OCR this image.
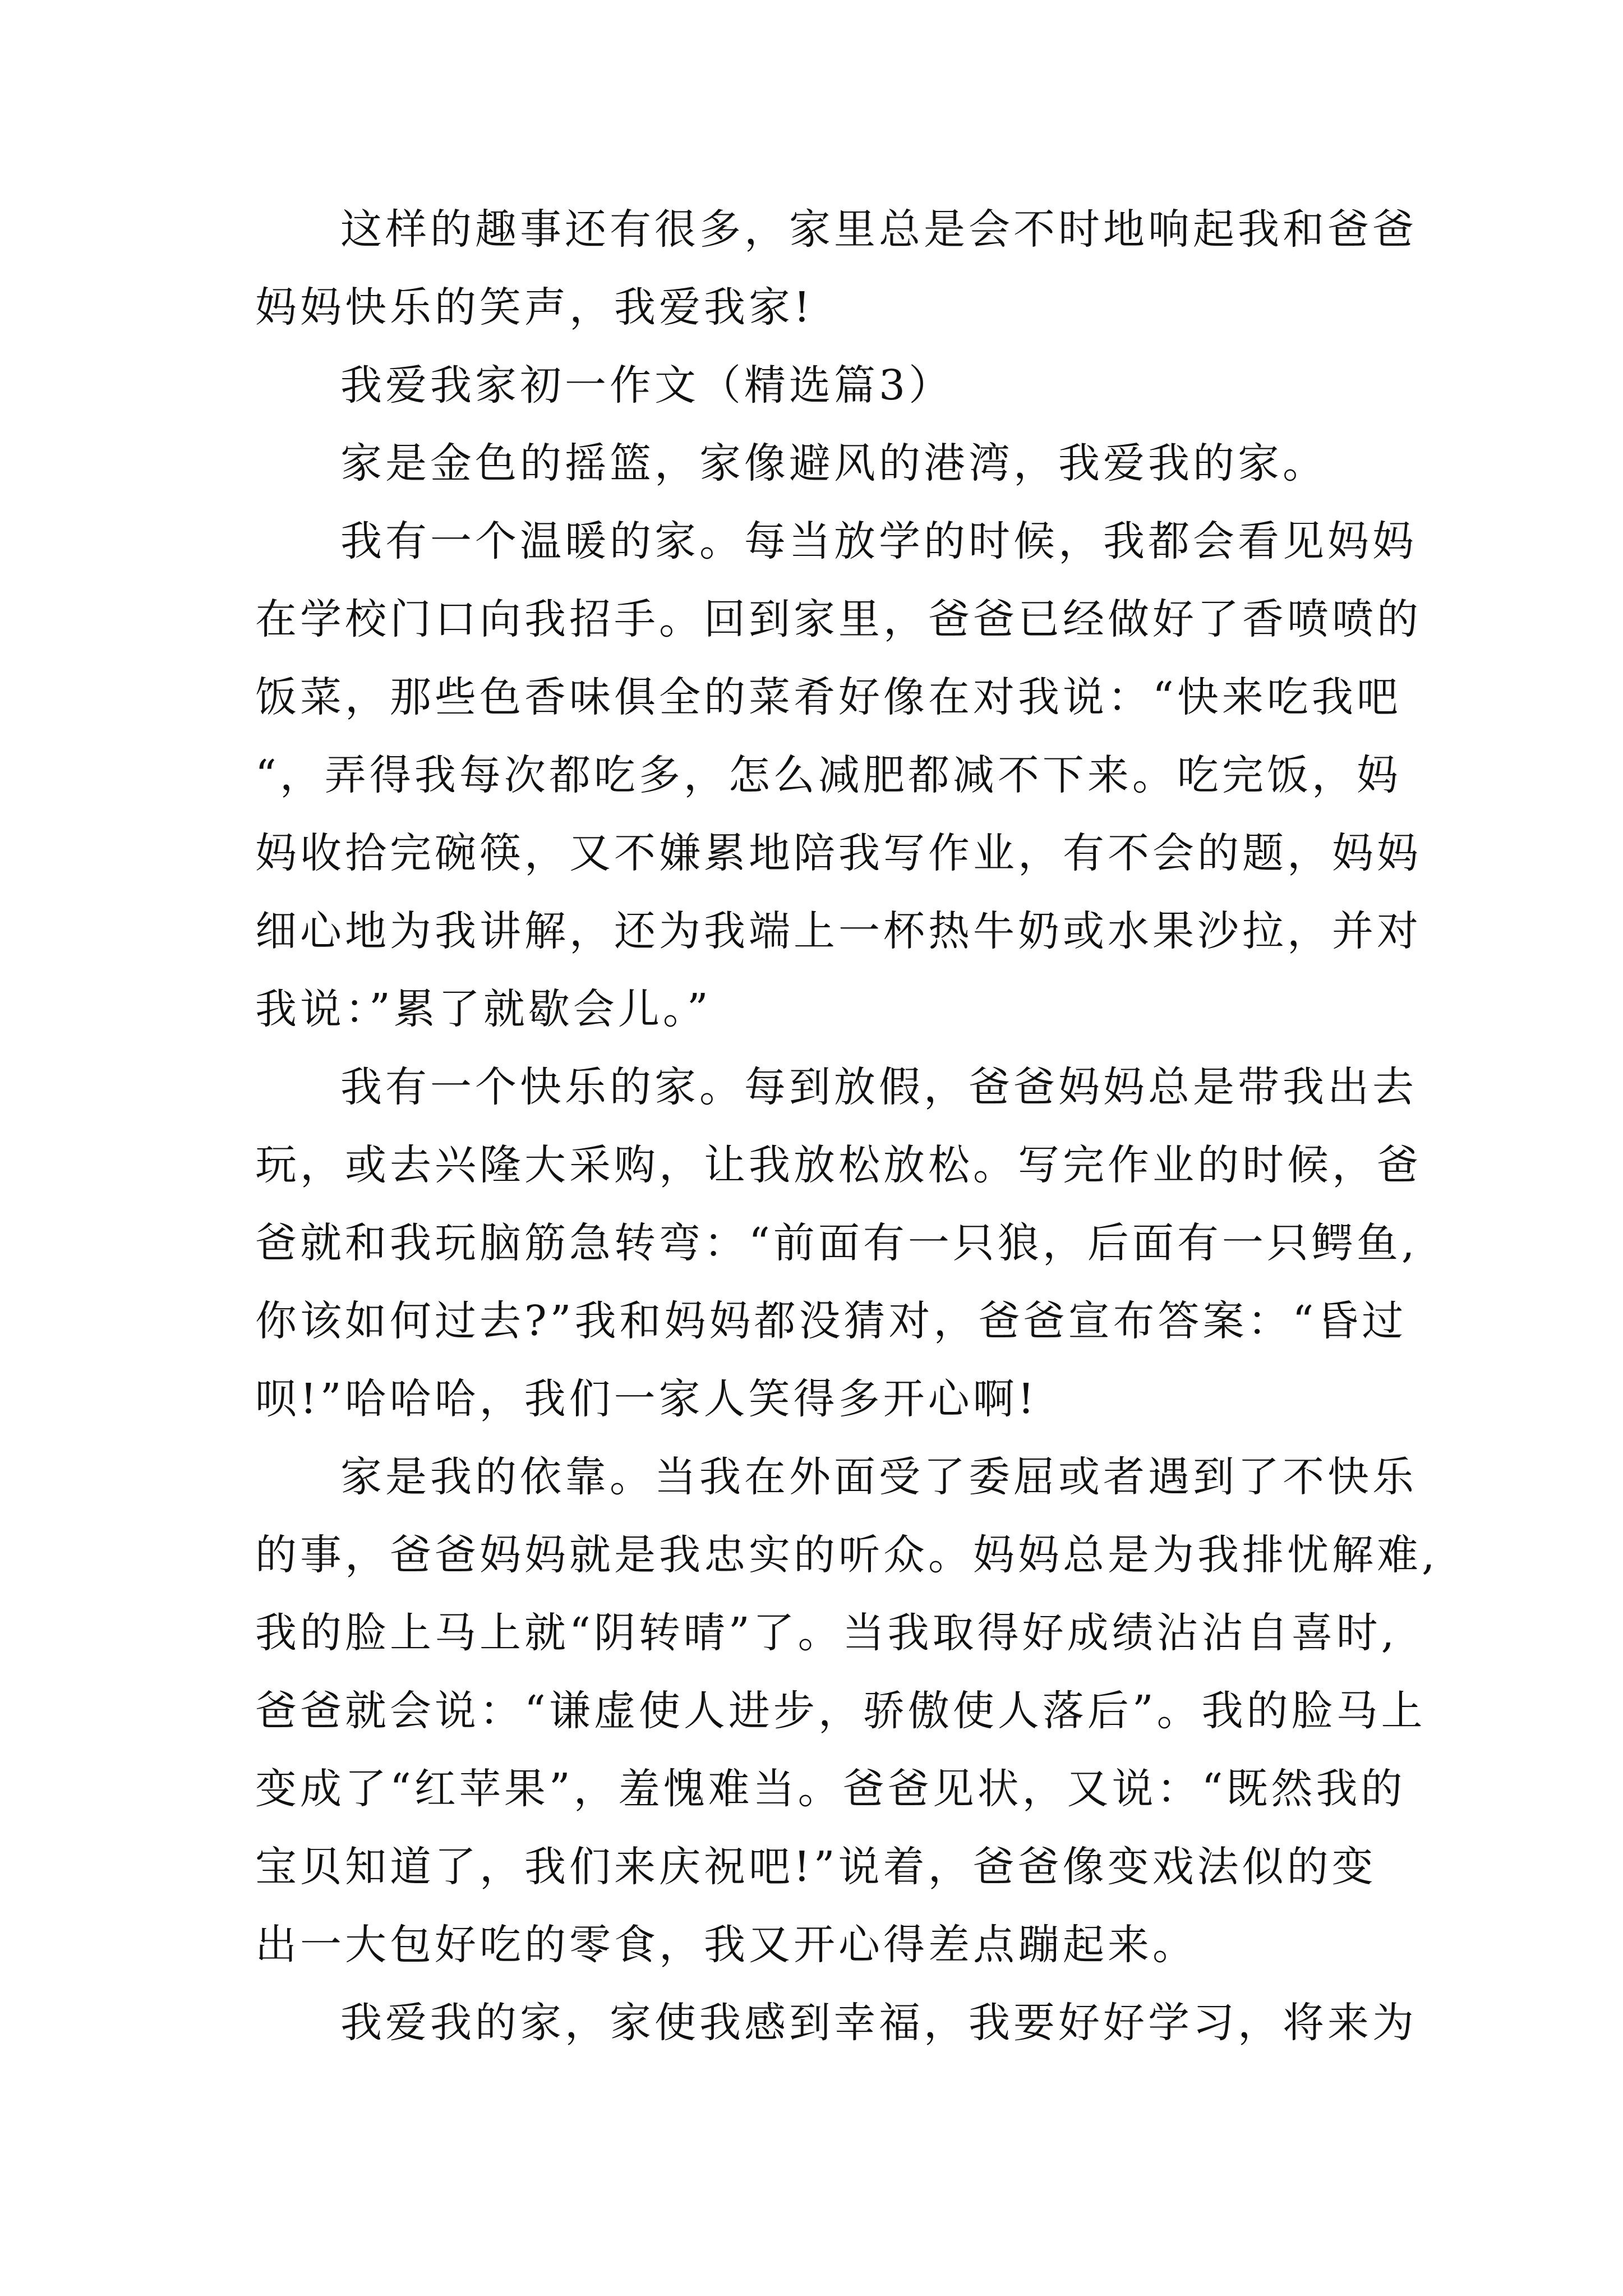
这样的趣事还有很多，家里总是会不时地响起我和爸爸
妈妈快乐的笑声，我爱我家!
我爱我家初一作文（精选篇3）
家是金色的摇篮，家像避风的港湾，我爱我的家。
我有一个温暖的家。每当放学的时候，我都会看见妈妈
在学校门口向我招手。回到家里，爸爸已经做好了香喷喷的
饭菜，那些色香味俱全的菜肴好像在对我说：“快来吃我吧
“，弄得我每次都吃多，怎么减肥都减不下来。吃完饭，妈
妈收拾完碗筷，又不嫌累地陪我写作业，有不会的题，妈妈
细心地为我讲解，还为我端上一杯热牛奶或水果沙拉，并对
我说：”累了就歇会儿。”
我有一个快乐的家。每到放假，爸爸妈妈总是带我出去
玩，或去兴隆大采购，让我放松放松。写完作业的时候，爸
爸就和我玩脑筋急转弯：“前面有一只狼，后面有一只鳄鱼,
你该如何过去?”我和妈妈都没猜对，爸爸宣布答案：“昏过
呗!”哈哈哈，我们一家人笑得多开心啊!
家是我的依靠。当我在外面受了委屈或者遇到了不快乐
的事，爸爸妈妈就是我忠实的听众。妈妈总是为我排忧解难,
我的脸上马上就“阴转晴”了。当我取得好成绩沾沾自喜时,
爸爸就会说：“谦虚使人进步，骄傲使人落后”。我的脸马上
变成了“红苹果”，羞愧难当。爸爸见状，又说：“既然我的
宝贝知道了，我们来庆祝吧!”说着，爸爸像变戏法似的变
出一大包好吃的零食，我又开心得差点蹦起来。
我爱我的家，家使我感到幸福，我要好好学习，将来为
